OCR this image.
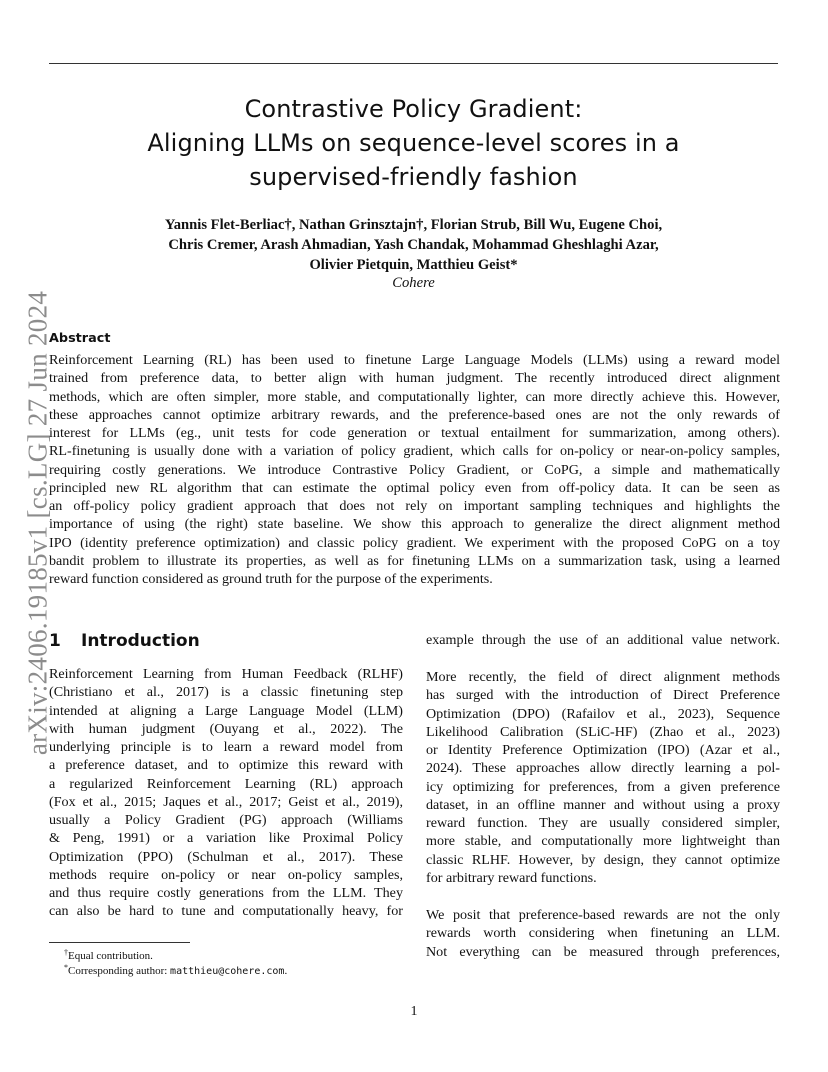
Contrastive Policy Gradient:
Aligning LLMs on sequence-level scores in a
supervised-friendly fashion
Yannis Flet-Berliac†, Nathan Grinsztajn†, Florian Strub, Bill Wu, Eugene Choi,
Chris Cremer, Arash Ahmadian, Yash Chandak, Mohammad Gheshlaghi Azar,
Olivier Pietquin, Matthieu Geist*
Cohere
arXiv:2406.19185v1 [cs.LG] 27 Jun 2024
Abstract
Reinforcement Learning (RL) has been used to finetune Large Language Models (LLMs) using a reward model
trained from preference data, to better align with human judgment. The recently introduced direct alignment
methods, which are often simpler, more stable, and computationally lighter, can more directly achieve this. However,
these approaches cannot optimize arbitrary rewards, and the preference-based ones are not the only rewards of
interest for LLMs (eg., unit tests for code generation or textual entailment for summarization, among others).
RL-finetuning is usually done with a variation of policy gradient, which calls for on-policy or near-on-policy samples,
requiring costly generations. We introduce Contrastive Policy Gradient, or CoPG, a simple and mathematically
principled new RL algorithm that can estimate the optimal policy even from off-policy data. It can be seen as
an off-policy policy gradient approach that does not rely on important sampling techniques and highlights the
importance of using (the right) state baseline. We show this approach to generalize the direct alignment method
IPO (identity preference optimization) and classic policy gradient. We experiment with the proposed CoPG on a toy
bandit problem to illustrate its properties, as well as for finetuning LLMs on a summarization task, using a learned
reward function considered as ground truth for the purpose of the experiments.
1 Introduction
Reinforcement Learning from Human Feedback (RLHF)
(Christiano et al., 2017) is a classic finetuning step
intended at aligning a Large Language Model (LLM)
with human judgment (Ouyang et al., 2022). The
underlying principle is to learn a reward model from
a preference dataset, and to optimize this reward with
a regularized Reinforcement Learning (RL) approach
(Fox et al., 2015; Jaques et al., 2017; Geist et al., 2019),
usually a Policy Gradient (PG) approach (Williams
& Peng, 1991) or a variation like Proximal Policy
Optimization (PPO) (Schulman et al., 2017). These
methods require on-policy or near on-policy samples,
and thus require costly generations from the LLM. They
can also be hard to tune and computationally heavy, for
example through the use of an additional value network.
More recently, the field of direct alignment methods
has surged with the introduction of Direct Preference
Optimization (DPO) (Rafailov et al., 2023), Sequence
Likelihood Calibration (SLiC-HF) (Zhao et al., 2023)
or Identity Preference Optimization (IPO) (Azar et al.,
2024). These approaches allow directly learning a pol-
icy optimizing for preferences, from a given preference
dataset, in an offline manner and without using a proxy
reward function. They are usually considered simpler,
more stable, and computationally more lightweight than
classic RLHF. However, by design, they cannot optimize
for arbitrary reward functions.
We posit that preference-based rewards are not the only
rewards worth considering when finetuning an LLM.
Not everything can be measured through preferences,
†Equal contribution.
*Corresponding author: matthieu@cohere.com.
1
